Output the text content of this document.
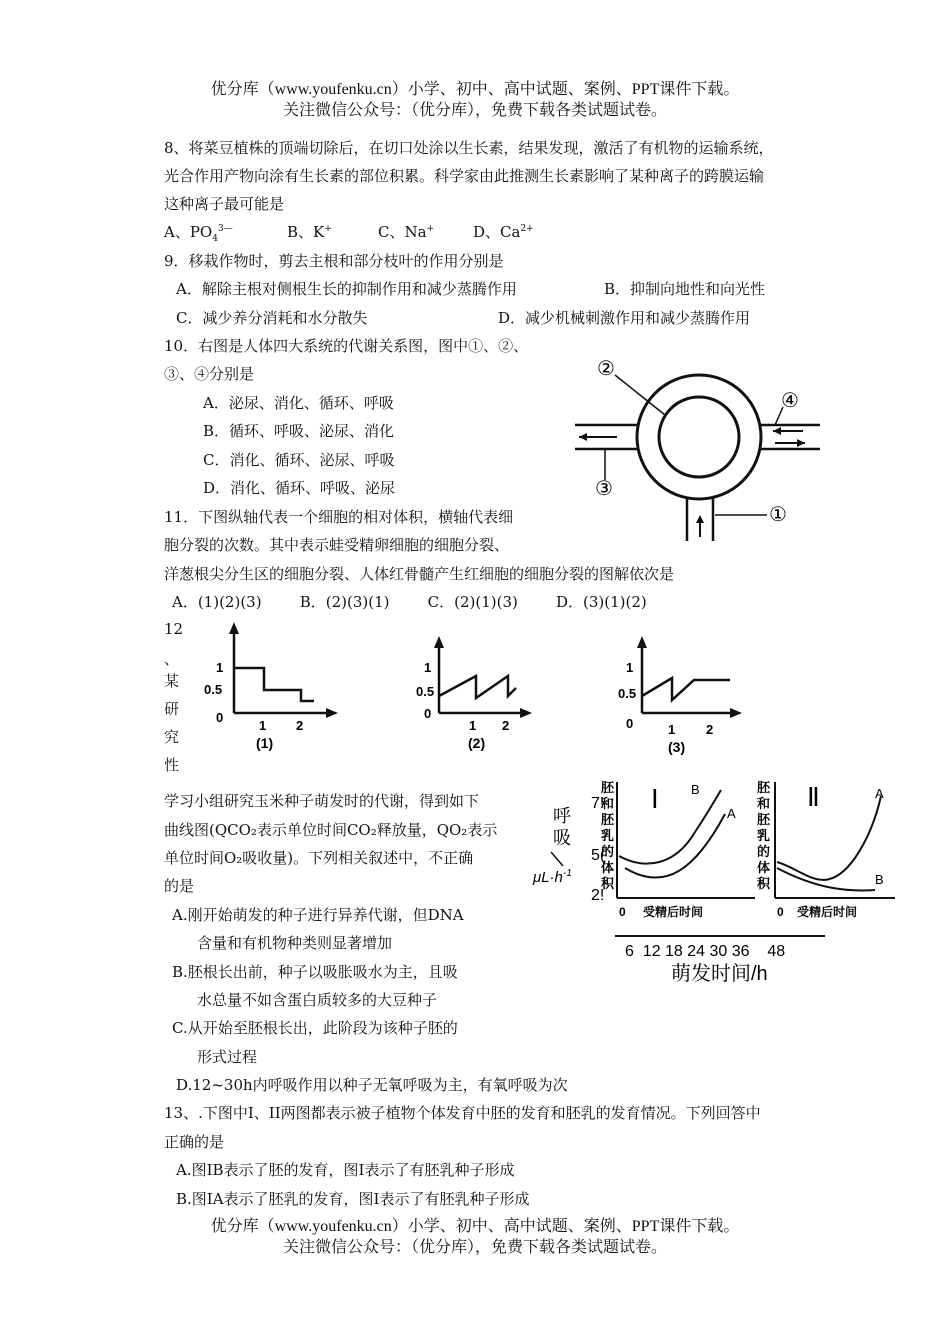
优分库（www.youfenku.cn）小学、初中、高中试题、案例、PPT课件下载。
关注微信公众号：（优分库），免费下载各类试题试卷。
8、将菜豆植株的顶端切除后，在切口处涂以生长素，结果发现，激活了有机物的运输系统，
光合作用产物向涂有生长素的部位积累。科学家由此推测生长素影响了某种离子的跨膜运输
这种离子最可能是
A、$PO_4^{3—}$	B、K+	C、Na+	D、$Ca^{2+}$
9．移栽作物时，剪去主根和部分枝叶的作用分别是
A．解除主根对侧根生长的抑制作用和减少蒸腾作用	B．抑制向地性和向光性
C．减少养分消耗和水分散失	D．减少机械刺激作用和减少蒸腾作用
10．右图是人体四大系统的代谢关系图，图中①、②、
③、④分别是
A．泌尿、消化、循环、呼吸
B．循环、呼吸、泌尿、消化
C．消化、循环、泌尿、呼吸
D．消化、循环、呼吸、泌尿
②
④
③
①
11．下图纵轴代表一个细胞的相对体积，横轴代表细
胞分裂的次数。其中表示蛙受精卵细胞的细胞分裂、
洋葱根尖分生区的细胞分裂、人体红骨髓产生红细胞的细胞分裂的图解依次是
A．(1)(2)(3)        B．(2)(3)(1)        C．(2)(1)(3)        D．(3)(1)(2)
1
0.5
0
1 2
(1)
1
0.5
0
1 2
(2)
1
0.5
0	1 2
(3)
12
、
某
研
究
性
学习小组研究玉米种子萌发时的代谢，得到如下
曲线图(QCO₂表示单位时间CO₂释放量，QO₂表示
单位时间O₂吸收量)。下列相关叙述中，不正确
的是
A.刚开始萌发的种子进行异养代谢，但DNA
含量和有机物种类则显著增加
B.胚根长出前，种子以吸胀吸水为主，且吸
水总量不如含蛋白质较多的大豆种子
C.从开始至胚根长出，此阶段为该种子胚的
形式过程
D.12~30h内呼吸作用以种子无氧呼吸为主，有氧呼吸为次
呼
吸
$\mu L\cdot h^{-1}$
7!
5(
2!
胚
和
胚
乳
的
体
积
Ⅰ B
A
0 受精后时间
胚
和
胚
乳
的
体
积
Ⅱ	A
B
0 受精后时间
6  12 18 24 30 36    48
萌发时间/h
13、.下图中Ⅰ、II两图都表示被子植物个体发育中胚的发育和胚乳的发育情况。下列回答中
正确的是
A.图IB表示了胚的发育，图Ⅰ表示了有胚乳种子形成
B.图IA表示了胚乳的发育，图Ⅰ表示了有胚乳种子形成
优分库（www.youfenku.cn）小学、初中、高中试题、案例、PPT课件下载。
关注微信公众号：（优分库），免费下载各类试题试卷。
